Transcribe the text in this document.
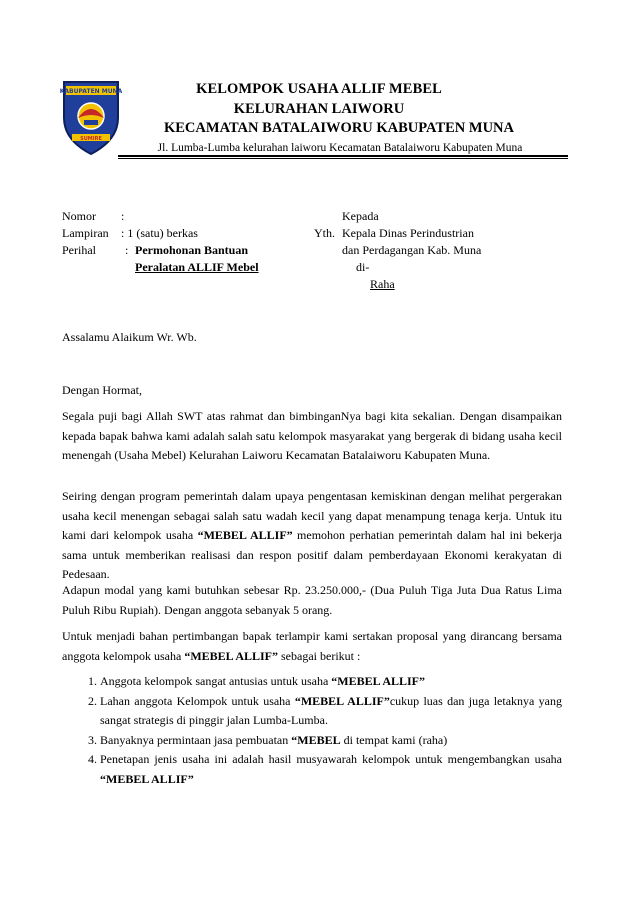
KABUPATEN MUNA
SUMIRE
KELOMPOK USAHA ALLIF MEBEL
KELURAHAN LAIWORU
KECAMATAN BATALAIWORU KABUPATEN MUNA
Jl. Lumba-Lumba kelurahan laiworu Kecamatan Batalaiworu Kabupaten Muna
Nomor :
Lampiran : 1 (satu) berkas
Perihal : Permohonan Bantuan
Peralatan ALLIF Mebel
Kepada
Yth. Kepala Dinas Perindustrian
dan Perdagangan Kab. Muna
di-
Raha
Assalamu Alaikum Wr. Wb.
Dengan Hormat,
Segala puji bagi Allah SWT atas rahmat dan bimbinganNya bagi kita sekalian. Dengan disampaikan kepada bapak bahwa kami adalah salah satu kelompok masyarakat yang bergerak di bidang usaha kecil menengah (Usaha Mebel) Kelurahan Laiworu Kecamatan Batalaiworu Kabupaten Muna.
Seiring dengan program pemerintah dalam upaya pengentasan kemiskinan dengan melihat pergerakan usaha kecil menengan sebagai salah satu wadah kecil yang dapat menampung tenaga kerja. Untuk itu kami dari kelompok usaha “MEBEL ALLIF” memohon perhatian pemerintah dalam hal ini bekerja sama untuk memberikan realisasi dan respon positif dalam pemberdayaan Ekonomi kerakyatan di Pedesaan.
Adapun modal yang kami butuhkan sebesar Rp. 23.250.000,- (Dua Puluh Tiga Juta Dua Ratus Lima Puluh Ribu Rupiah). Dengan anggota sebanyak 5 orang.
Untuk menjadi bahan pertimbangan bapak terlampir kami sertakan proposal yang dirancang bersama anggota kelompok usaha “MEBEL ALLIF” sebagai berikut :
1. Anggota kelompok sangat antusias untuk usaha “MEBEL ALLIF”
2. Lahan anggota Kelompok untuk usaha “MEBEL ALLIF”cukup luas dan juga letaknya yang sangat strategis di pinggir jalan Lumba-Lumba.
3. Banyaknya permintaan jasa pembuatan “MEBEL di tempat kami (raha)
4. Penetapan jenis usaha ini adalah hasil musyawarah kelompok untuk mengembangkan usaha “MEBEL ALLIF”
